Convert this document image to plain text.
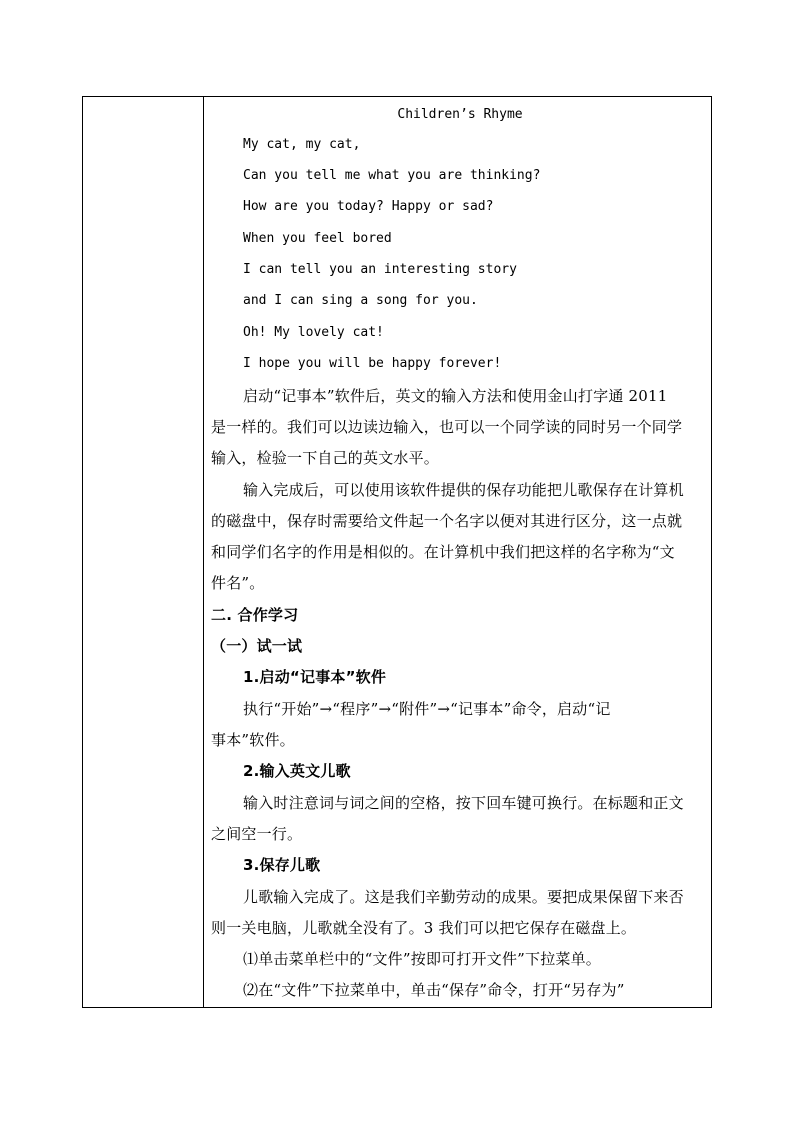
Children’s Rhyme
My cat, my cat,
Can you tell me what you are thinking?
How are you today? Happy or sad?
When you feel bored
I can tell you an interesting story
and I can sing a song for you.
Oh! My lovely cat!
I hope you will be happy forever!
启动“记事本”软件后，英文的输入方法和使用金山打字通 2011
是一样的。我们可以边读边输入，也可以一个同学读的同时另一个同学
输入，检验一下自己的英文水平。
输入完成后，可以使用该软件提供的保存功能把儿歌保存在计算机
的磁盘中，保存时需要给文件起一个名字以便对其进行区分，这一点就
和同学们名字的作用是相似的。在计算机中我们把这样的名字称为“文
件名”。
二. 合作学习
（一）试一试
1.启动“记事本”软件
执行“开始”→“程序”→“附件”→“记事本”命令，启动“记
事本”软件。
2.输入英文儿歌
输入时注意词与词之间的空格，按下回车键可换行。在标题和正文
之间空一行。
3.保存儿歌
儿歌输入完成了。这是我们辛勤劳动的成果。要把成果保留下来否
则一关电脑，儿歌就全没有了。3 我们可以把它保存在磁盘上。
⑴单击菜单栏中的“文件”按即可打开文件”下拉菜单。
⑵在“文件”下拉菜单中，单击“保存”命令，打开“另存为”
